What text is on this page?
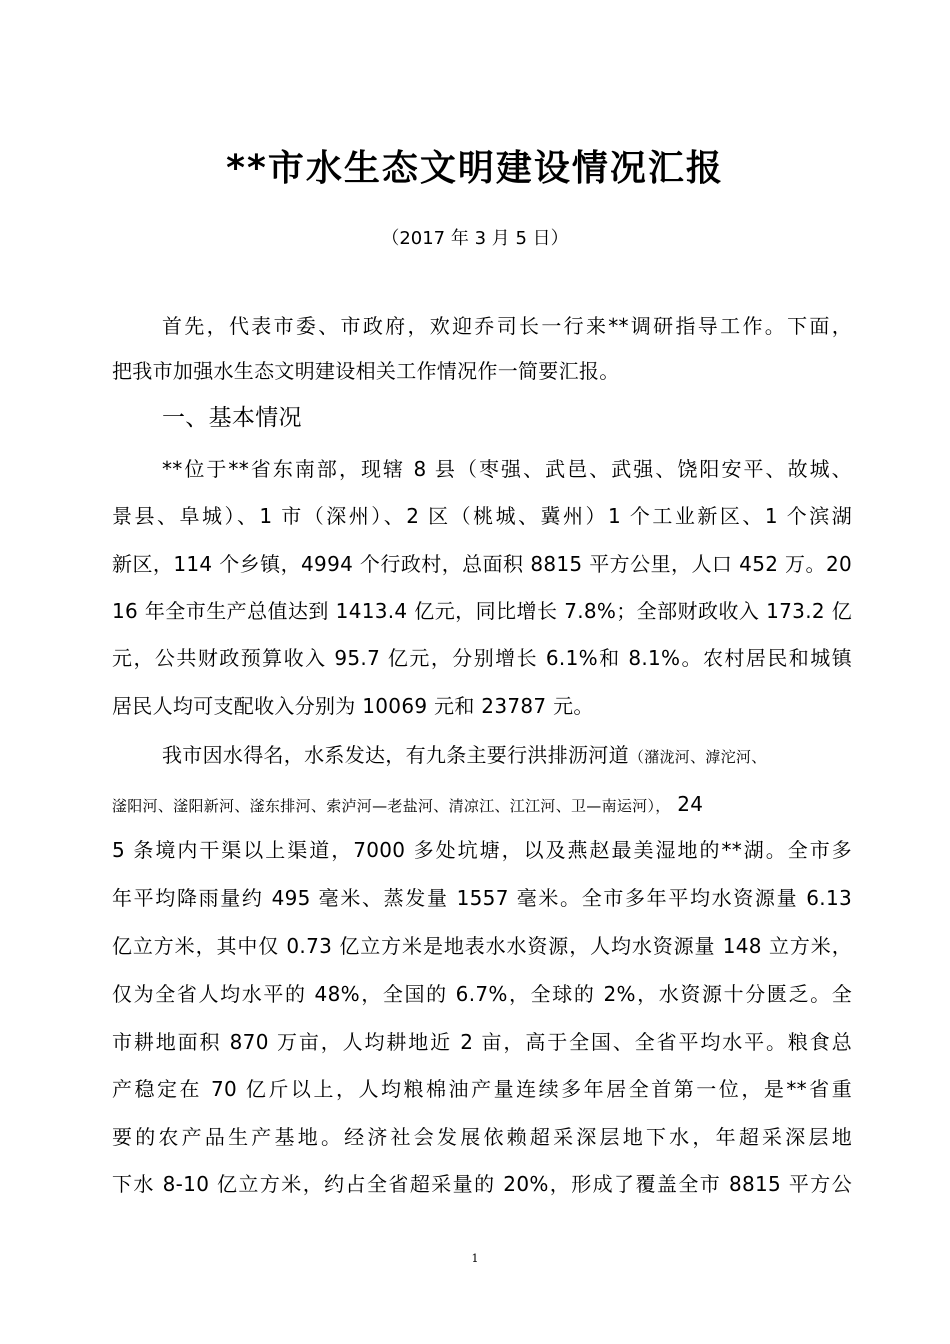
**市水生态文明建设情况汇报
（2017 年 3 月 5 日）
首先，代表市委、市政府，欢迎乔司长一行来**调研指导工作。下面，
把我市加强水生态文明建设相关工作情况作一简要汇报。
一、基本情况
**位于**省东南部，现辖 8 县（枣强、武邑、武强、饶阳安平、故城、
景县、阜城）、1 市（深州）、2 区（桃城、冀州）1 个工业新区、1 个滨湖
新区，114 个乡镇，4994 个行政村，总面积 8815 平方公里，人口 452 万。20
16 年全市生产总值达到 1413.4 亿元，同比增长 7.8%；全部财政收入 173.2 亿
元，公共财政预算收入 95.7 亿元，分别增长 6.1%和 8.1%。农村居民和城镇
居民人均可支配收入分别为 10069 元和 23787 元。
我市因水得名，水系发达，有九条主要行洪排沥河道（潴泷河、滹沱河、
滏阳河、滏阳新河、滏东排河、索泸河—老盐河、清凉江、江江河、卫—南运河）， 24
5 条境内干渠以上渠道，7000 多处坑塘，以及燕赵最美湿地的**湖。全市多
年平均降雨量约 495 毫米、蒸发量 1557 毫米。全市多年平均水资源量 6.13
亿立方米，其中仅 0.73 亿立方米是地表水水资源，人均水资源量 148 立方米，
仅为全省人均水平的 48%，全国的 6.7%，全球的 2%，水资源十分匮乏。全
市耕地面积 870 万亩，人均耕地近 2 亩，高于全国、全省平均水平。粮食总
产稳定在 70 亿斤以上，人均粮棉油产量连续多年居全首第一位，是**省重
要的农产品生产基地。经济社会发展依赖超采深层地下水，年超采深层地
下水 8-10 亿立方米，约占全省超采量的 20%，形成了覆盖全市 8815 平方公
1
